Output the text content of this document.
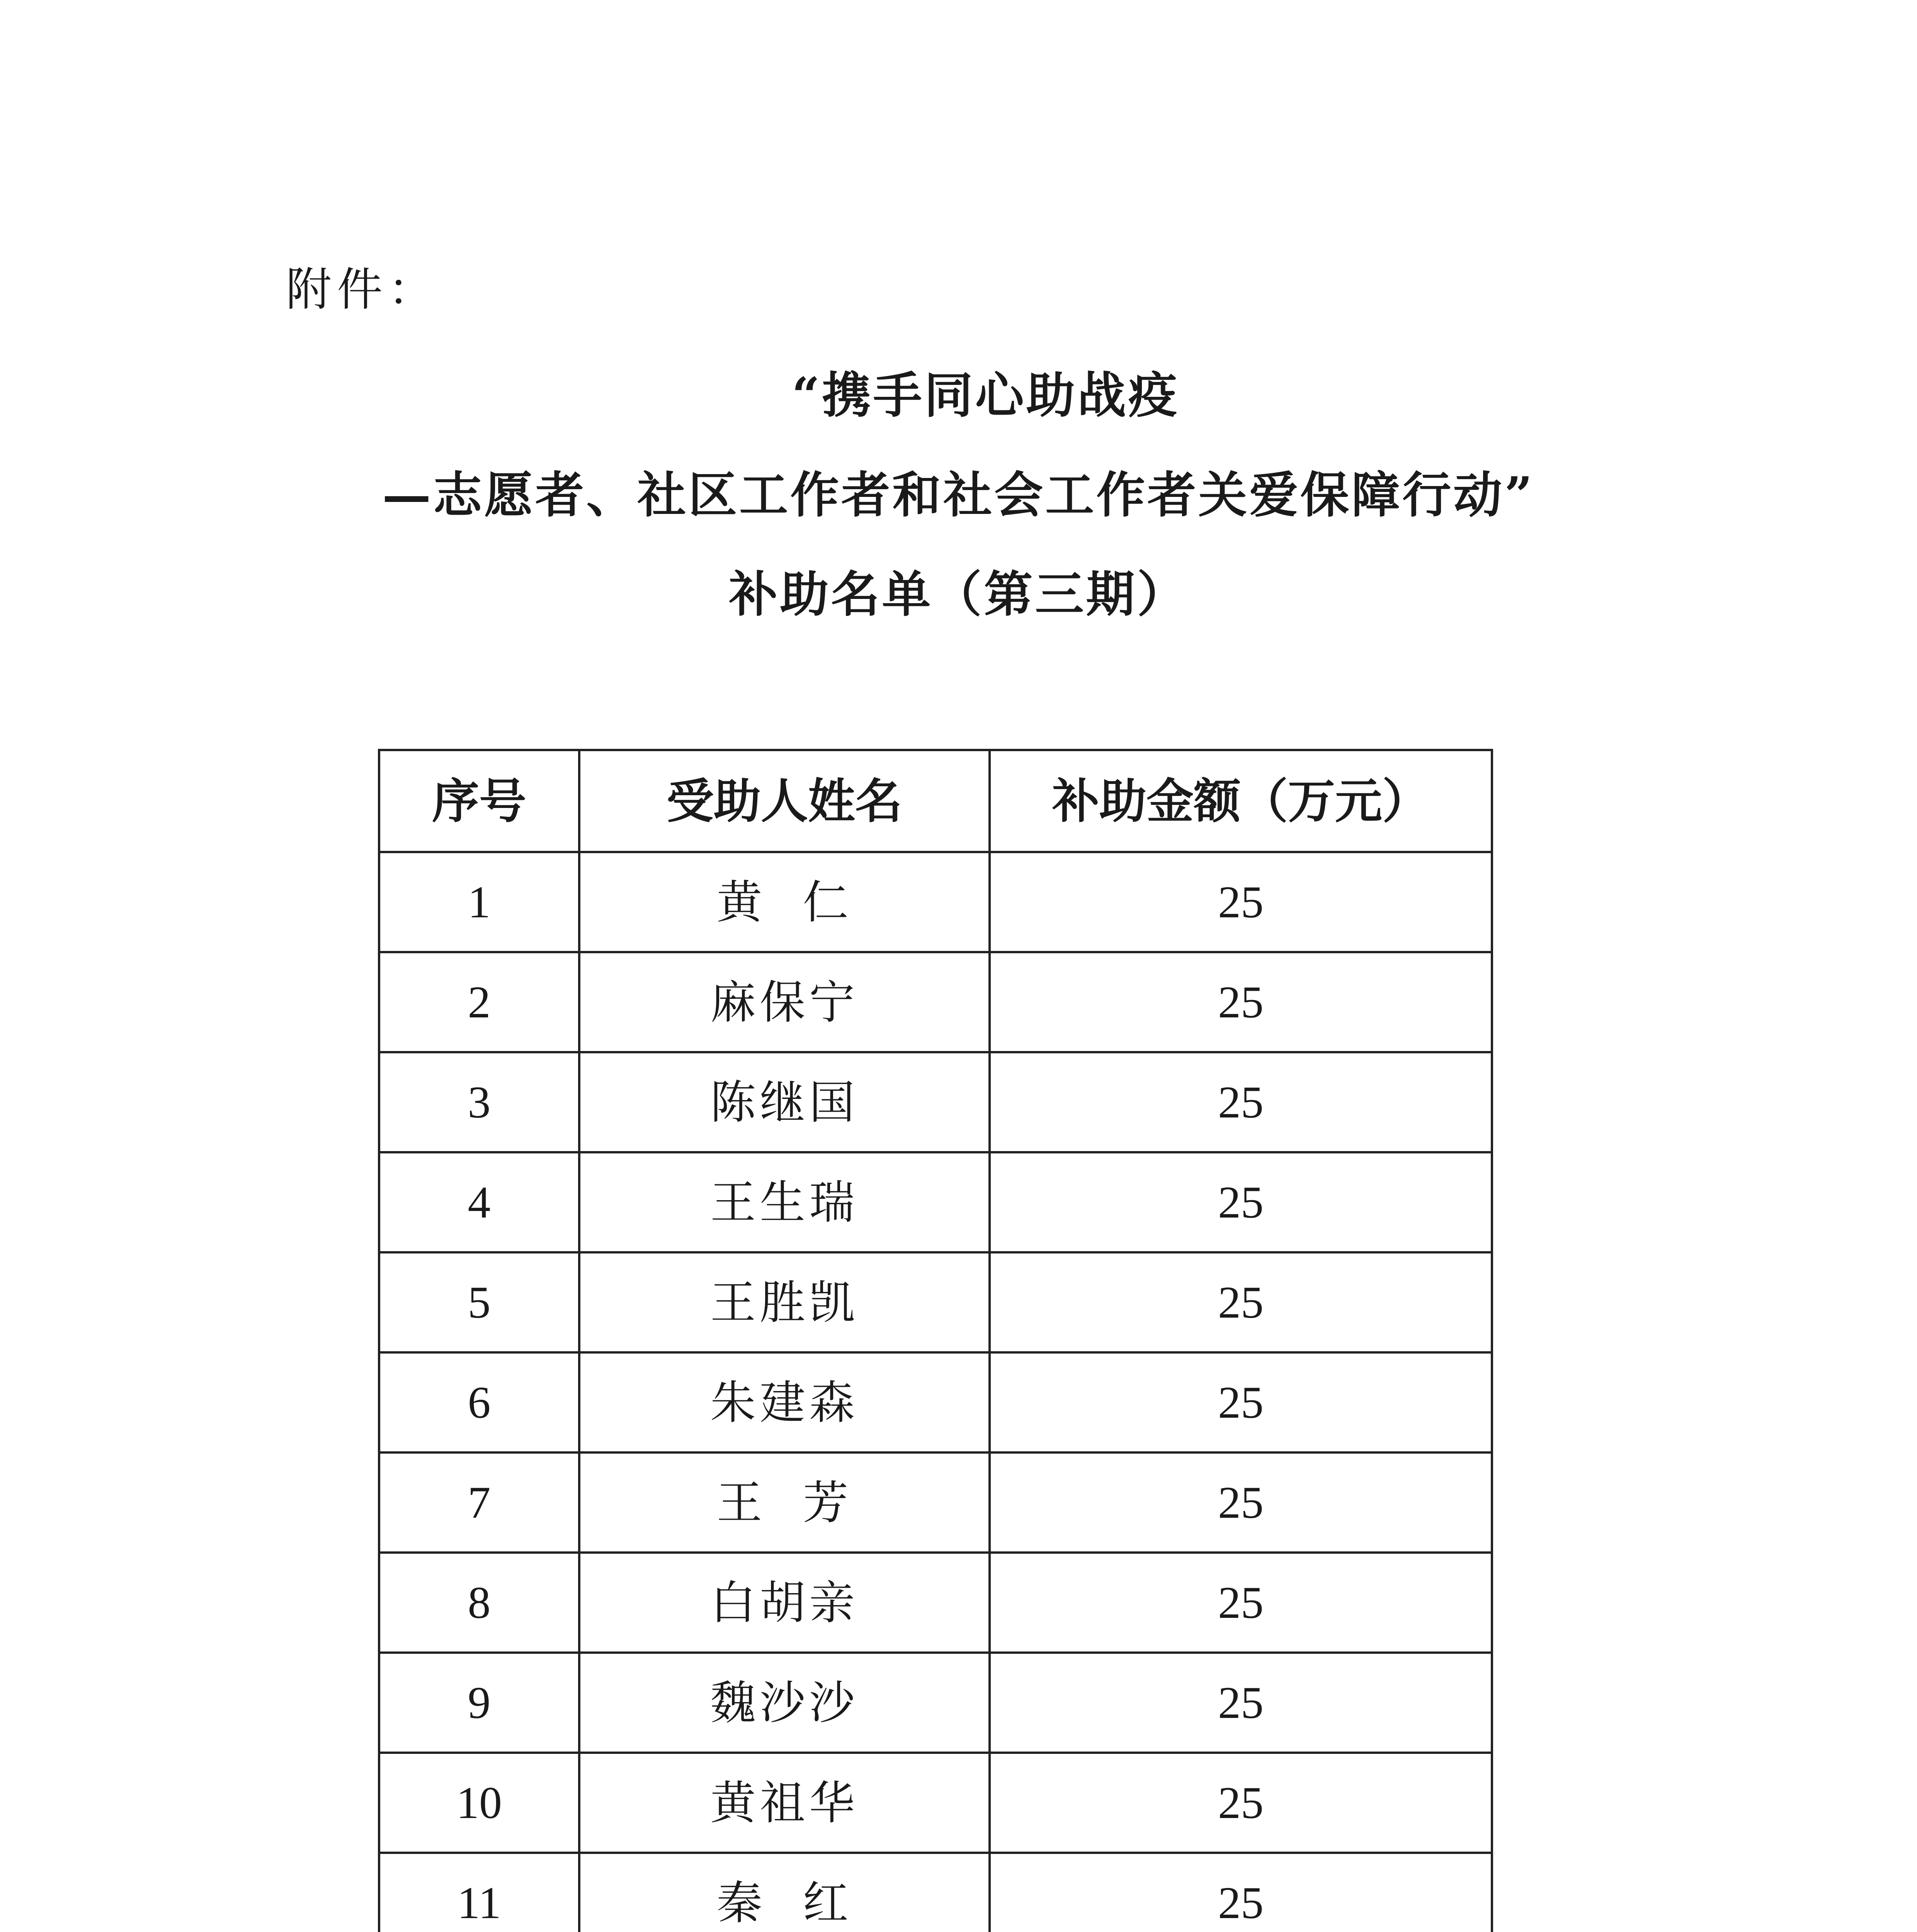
附件：
“携手同心助战疫
—志愿者、社区工作者和社会工作者关爱保障行动”
补助名单（第三期）
序号	受助人姓名	补助金额（万元）
1	黄  仁	25
2	麻保宁	25
3	陈继国	25
4	王生瑞	25
5	王胜凯	25
6	朱建森	25
7	王  芳	25
8	白胡亲	25
9	魏沙沙	25
10	黄祖华	25
11	秦  红	25
